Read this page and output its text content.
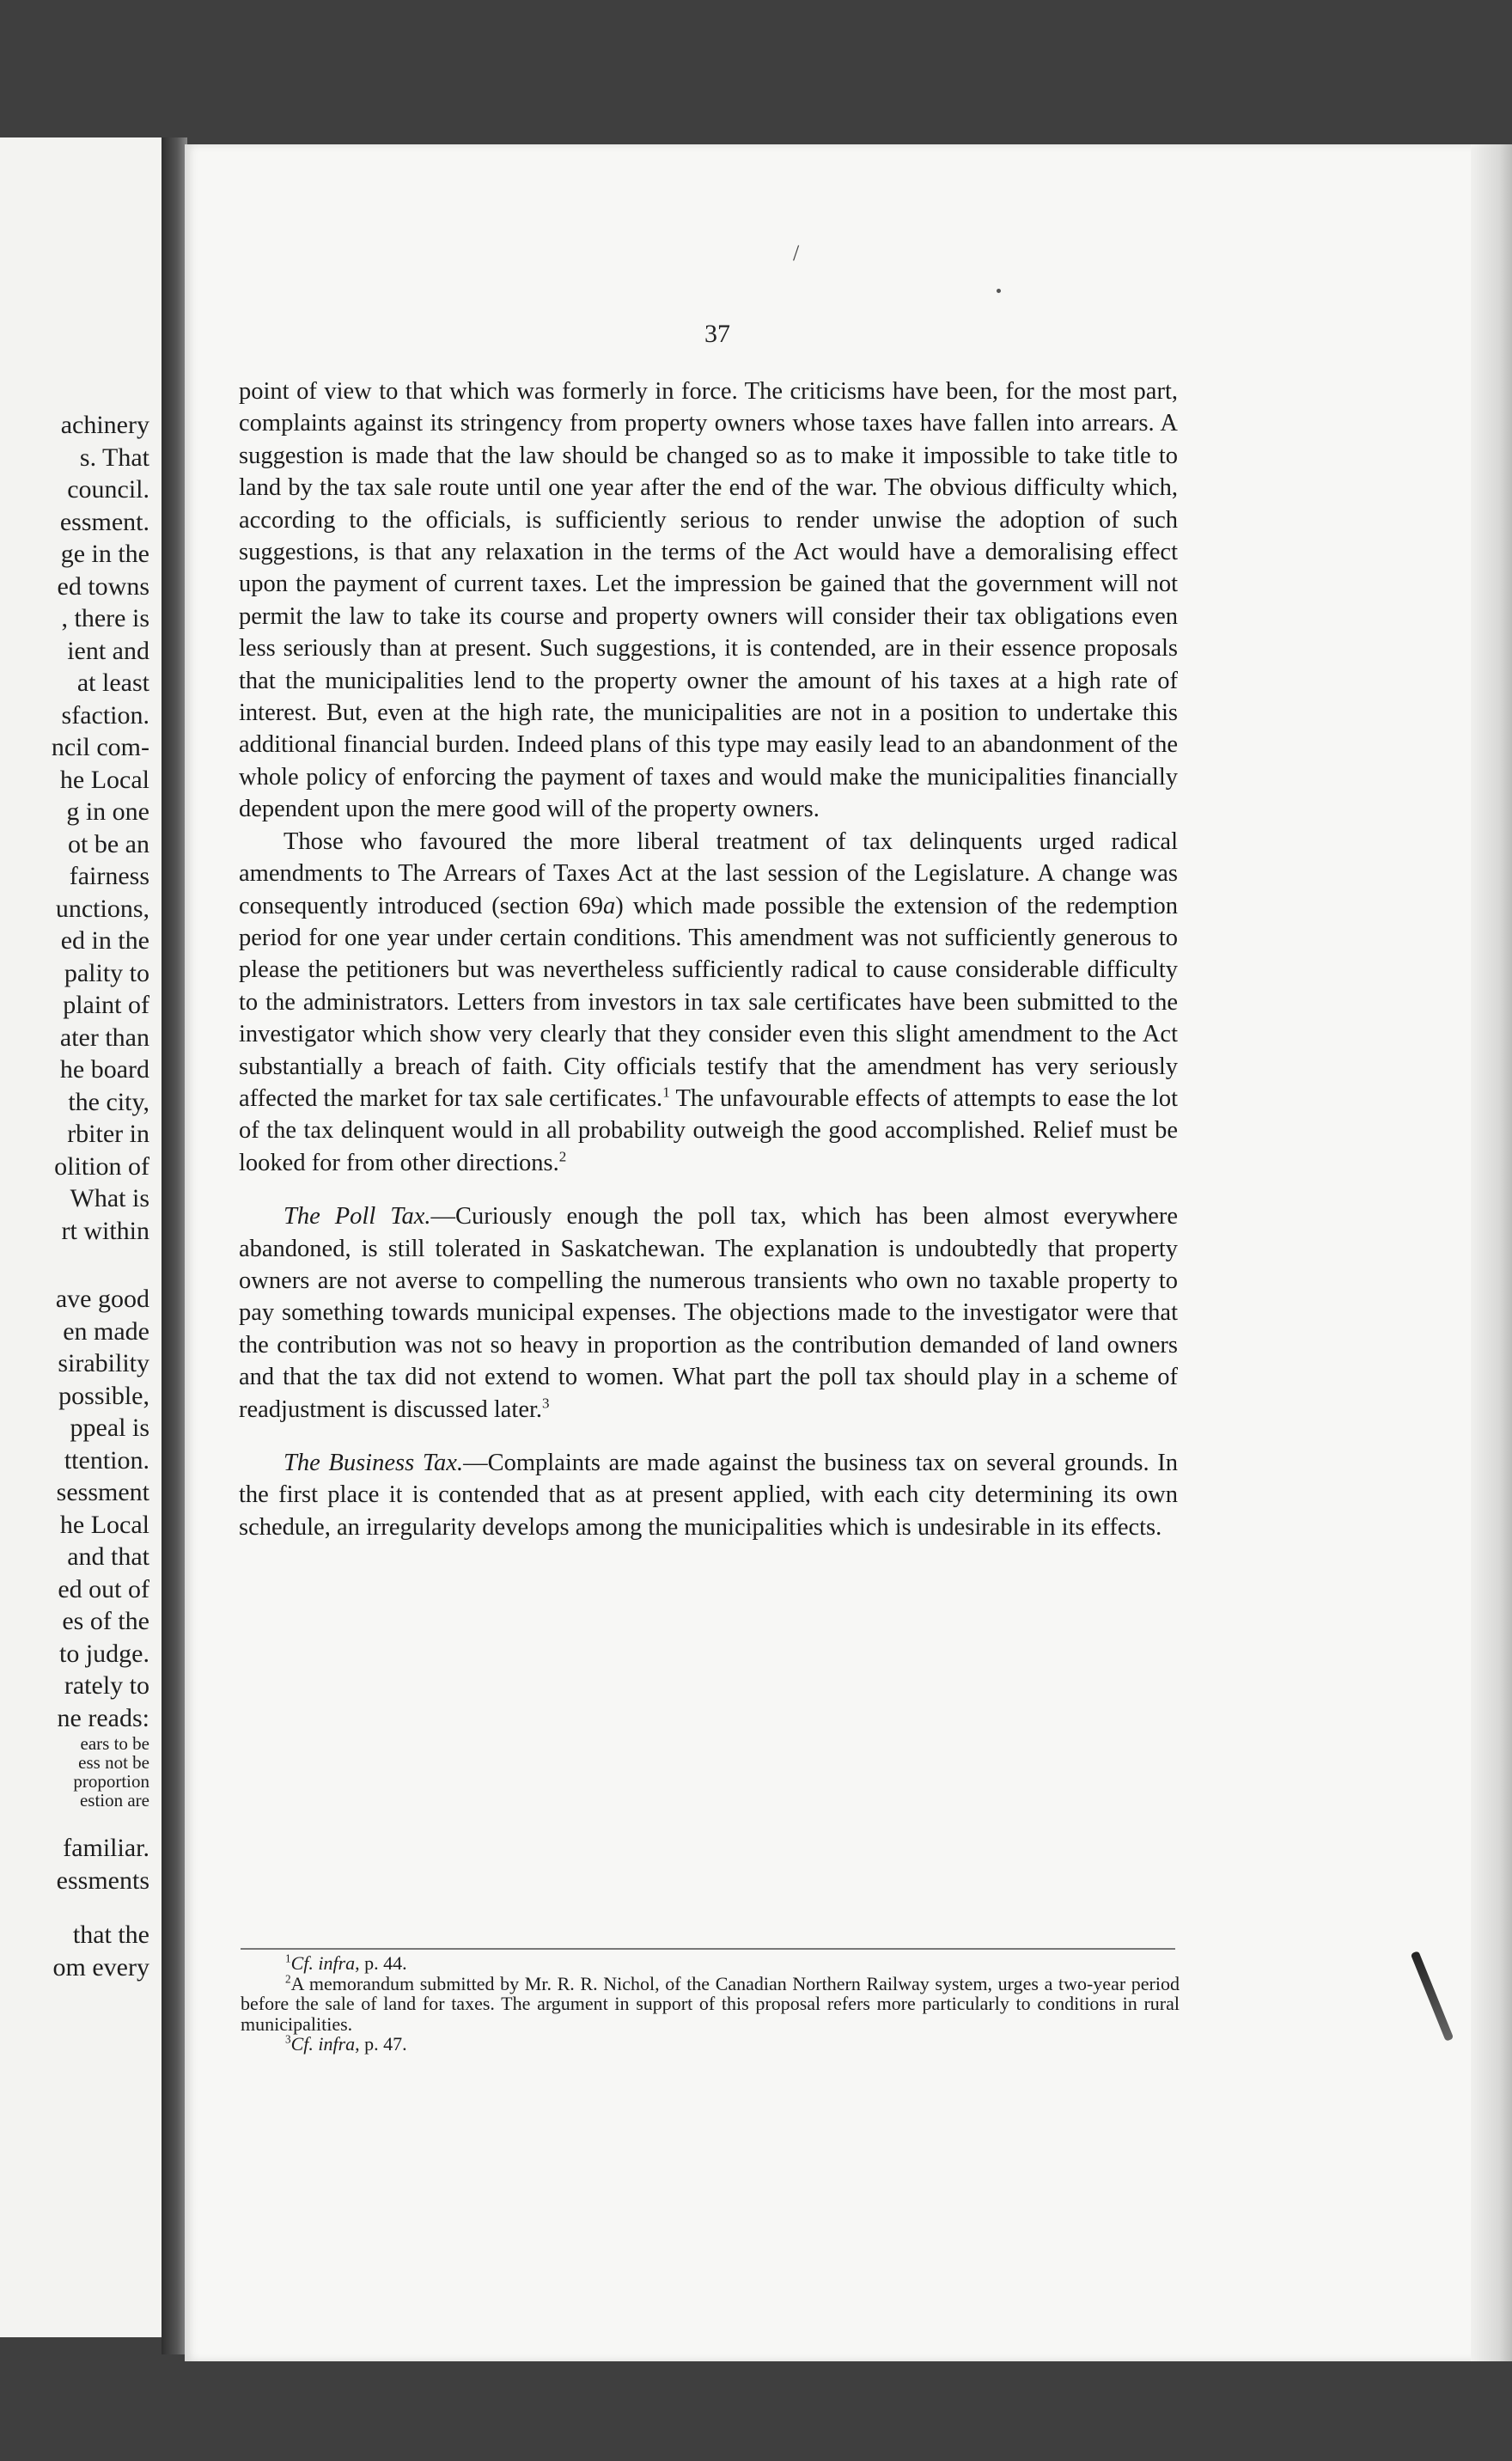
achinery
s. That
council.
essment.
ge in the
ed towns
, there is
ient and
at least
sfaction.
ncil com-
he Local
g in one
ot be an
fairness
unctions,
ed in the
pality to
plaint of
ater than
he board
the city,
rbiter in
olition of
What is
rt within
ave good
en made
sirability
possible,
ppeal is
ttention.
sessment
he Local
and that
ed out of
es of the
to judge.
rately to
ne reads:
ears to be
ess not be
proportion
estion are
familiar.
essments
that the
om every
/
37

point of view to that which was formerly in force. The criticisms have been, for the most part, complaints against its stringency from property owners whose taxes have fallen into arrears. A suggestion is made that the law should be changed so as to make it impossible to take title to land by the tax sale route until one year after the end of the war. The obvious difficulty which, according to the officials, is sufficiently serious to render unwise the adoption of such suggestions, is that any relaxation in the terms of the Act would have a demoralising effect upon the payment of current taxes. Let the impression be gained that the government will not permit the law to take its course and property owners will consider their tax obligations even less seriously than at present. Such suggestions, it is contended, are in their essence proposals that the municipalities lend to the property owner the amount of his taxes at a high rate of interest. But, even at the high rate, the municipalities are not in a position to undertake this additional financial burden. Indeed plans of this type may easily lead to an abandonment of the whole policy of enforcing the payment of taxes and would make the municipalities financially dependent upon the mere good will of the property owners.

Those who favoured the more liberal treatment of tax delinquents urged radical amendments to The Arrears of Taxes Act at the last session of the Legislature. A change was consequently introduced (section 69a) which made possible the extension of the redemption period for one year under certain conditions. This amendment was not sufficiently generous to please the petitioners but was nevertheless sufficiently radical to cause considerable difficulty to the administrators. Letters from investors in tax sale certificates have been submitted to the investigator which show very clearly that they consider even this slight amendment to the Act substantially a breach of faith. City officials testify that the amendment has very seriously affected the market for tax sale certificates.$^1$ The unfavourable effects of attempts to ease the lot of the tax delinquent would in all probability outweigh the good accomplished. Relief must be looked for from other directions.$^2$

The Poll Tax.—Curiously enough the poll tax, which has been almost everywhere abandoned, is still tolerated in Saskatchewan. The explanation is undoubtedly that property owners are not averse to compelling the numerous transients who own no taxable property to pay something towards municipal expenses. The objections made to the investigator were that the contribution was not so heavy in proportion as the contribution demanded of land owners and that the tax did not extend to women. What part the poll tax should play in a scheme of readjustment is discussed later.$^3$

The Business Tax.—Complaints are made against the business tax on several grounds. In the first place it is contended that as at present applied, with each city determining its own schedule, an irregularity develops among the municipalities which is undesirable in its effects.

$^1$Cf. infra, p. 44.

$^2$A memorandum submitted by Mr. R. R. Nichol, of the Canadian Northern Railway system, urges a two-year period before the sale of land for taxes. The argument in support of this proposal refers more particularly to conditions in rural municipalities.

$^3$Cf. infra, p. 47.
